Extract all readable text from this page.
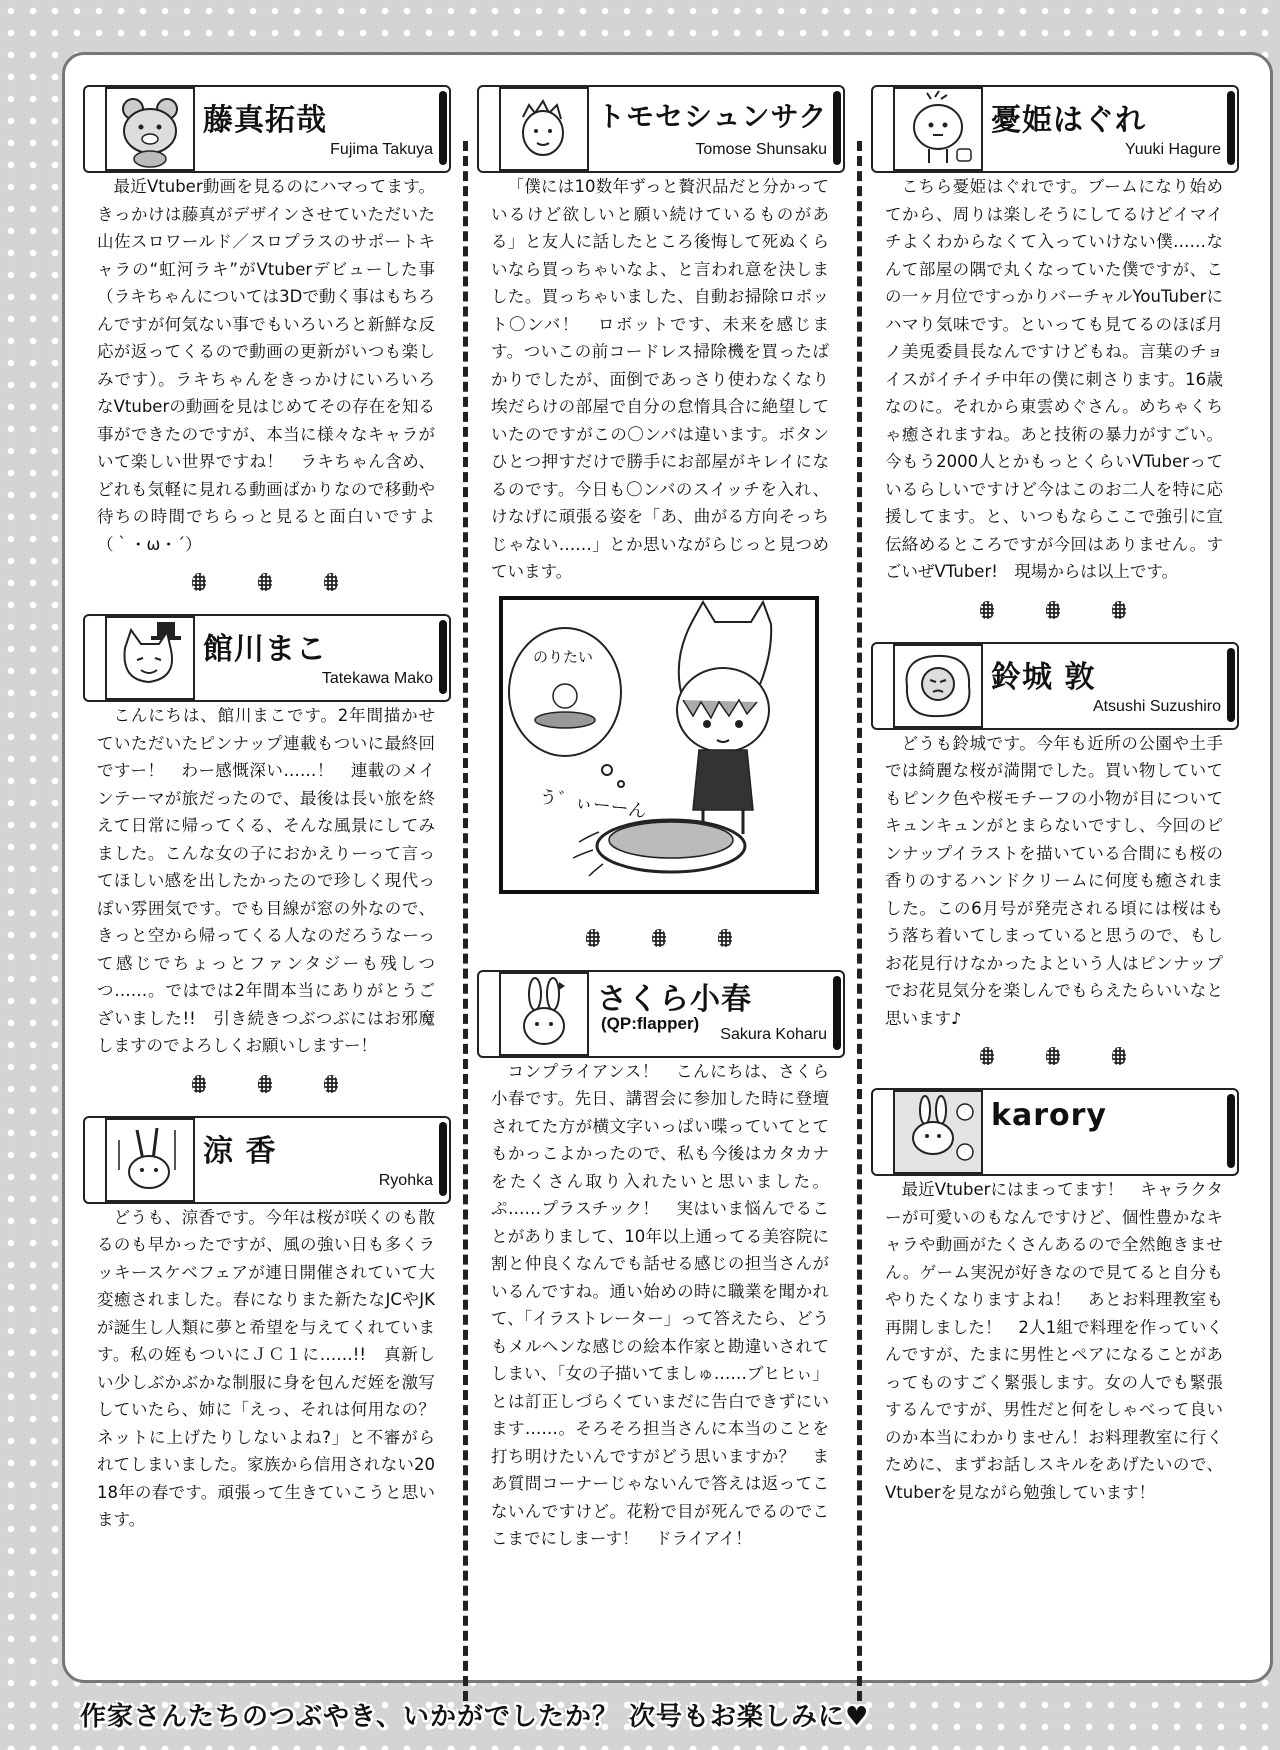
藤真拓哉
Fujima Takuya
最近Vtuber動画を見るのにハマってます。きっかけは藤真がデザインさせていただいた山佐スロワールド／スロプラスのサポートキャラの“虹河ラキ”がVtuberデビューした事（ラキちゃんについては3Dで動く事はもちろんですが何気ない事でもいろいろと新鮮な反応が返ってくるので動画の更新がいつも楽しみです）。ラキちゃんをきっかけにいろいろなVtuberの動画を見はじめてその存在を知る事ができたのですが、本当に様々なキャラがいて楽しい世界ですね！　ラキちゃん含め、どれも気軽に見れる動画ばかりなので移動や待ちの時間でちらっと見ると面白いですよ（｀・ω・´）
館川まこ
Tatekawa Mako
こんにちは、館川まこです。2年間描かせていただいたピンナップ連載もついに最終回ですー！　わー感慨深い……！　連載のメインテーマが旅だったので、最後は長い旅を終えて日常に帰ってくる、そんな風景にしてみました。こんな女の子におかえりーって言ってほしい感を出したかったので珍しく現代っぽい雰囲気です。でも目線が窓の外なので、きっと空から帰ってくる人なのだろうなーって感じでちょっとファンタジーも残しつつ……。ではでは2年間本当にありがとうございました!!　引き続きつぶつぶにはお邪魔しますのでよろしくお願いしますー！
涼 香
Ryohka
どうも、涼香です。今年は桜が咲くのも散るのも早かったですが、風の強い日も多くラッキースケベフェアが連日開催されていて大変癒されました。春になりまた新たなJCやJKが誕生し人類に夢と希望を与えてくれています。私の姪もついにＪＣ１に……!!　真新しい少しぶかぶかな制服に身を包んだ姪を激写していたら、姉に「えっ、それは何用なの？　ネットに上げたりしないよね?」と不審がられてしまいました。家族から信用されない2018年の春です。頑張って生きていこうと思います。
トモセシュンサク
Tomose Shunsaku
「僕には10数年ずっと贅沢品だと分かっているけど欲しいと願い続けているものがある」と友人に話したところ後悔して死ぬくらいなら買っちゃいなよ、と言われ意を決しました。買っちゃいました、自動お掃除ロボット〇ンバ！　ロボットです、未来を感じます。ついこの前コードレス掃除機を買ったばかりでしたが、面倒であっさり使わなくなり埃だらけの部屋で自分の怠惰具合に絶望していたのですがこの〇ンバは違います。ボタンひとつ押すだけで勝手にお部屋がキレイになるのです。今日も〇ンバのスイッチを入れ、けなげに頑張る姿を「あ、曲がる方向そっちじゃない……」とか思いながらじっと見つめています。
のりたい
う゛ぃーーん
さくら小春
(QP:flapper)
Sakura Koharu
コンプライアンス！　こんにちは、さくら小春です。先日、講習会に参加した時に登壇されてた方が横文字いっぱい喋っていてとてもかっこよかったので、私も今後はカタカナをたくさん取り入れたいと思いました。ぷ……プラスチック！　実はいま悩んでることがありまして、10年以上通ってる美容院に割と仲良くなんでも話せる感じの担当さんがいるんですね。通い始めの時に職業を聞かれて、「イラストレーター」って答えたら、どうもメルヘンな感じの絵本作家と勘違いされてしまい、「女の子描いてましゅ……ブヒヒぃ」とは訂正しづらくていまだに告白できずにいます……。そろそろ担当さんに本当のことを打ち明けたいんですがどう思いますか？　まあ質問コーナーじゃないんで答えは返ってこないんですけど。花粉で目が死んでるのでここまでにしまーす！　ドライアイ！
憂姫はぐれ
Yuuki Hagure
こちら憂姫はぐれです。ブームになり始めてから、周りは楽しそうにしてるけどイマイチよくわからなくて入っていけない僕……なんて部屋の隅で丸くなっていた僕ですが、この一ヶ月位ですっかりバーチャルYouTuberにハマり気味です。といっても見てるのほぼ月ノ美兎委員長なんですけどもね。言葉のチョイスがイチイチ中年の僕に刺さります。16歳なのに。それから東雲めぐさん。めちゃくちゃ癒されますね。あと技術の暴力がすごい。今もう2000人とかもっとくらいVTuberっているらしいですけど今はこのお二人を特に応援してます。と、いつもならここで強引に宣伝絡めるところですが今回はありません。すごいぜVTuber!　現場からは以上です。
鈴城 敦
Atsushi Suzushiro
どうも鈴城です。今年も近所の公園や土手では綺麗な桜が満開でした。買い物していてもピンク色や桜モチーフの小物が目についてキュンキュンがとまらないですし、今回のピンナップイラストを描いている合間にも桜の香りのするハンドクリームに何度も癒されました。この6月号が発売される頃には桜はもう落ち着いてしまっていると思うので、もしお花見行けなかったよという人はピンナップでお花見気分を楽しんでもらえたらいいなと思います♪
karory
最近Vtuberにはまってます！　キャラクターが可愛いのもなんですけど、個性豊かなキャラや動画がたくさんあるので全然飽きません。ゲーム実況が好きなので見てると自分もやりたくなりますよね！　あとお料理教室も再開しました！　2人1組で料理を作っていくんですが、たまに男性とペアになることがあってものすごく緊張します。女の人でも緊張するんですが、男性だと何をしゃべって良いのか本当にわかりません！お料理教室に行くために、まずお話しスキルをあげたいので、Vtuberを見ながら勉強しています！
作家さんたちのつぶやき、いかがでしたか？ 次号もお楽しみに♥
